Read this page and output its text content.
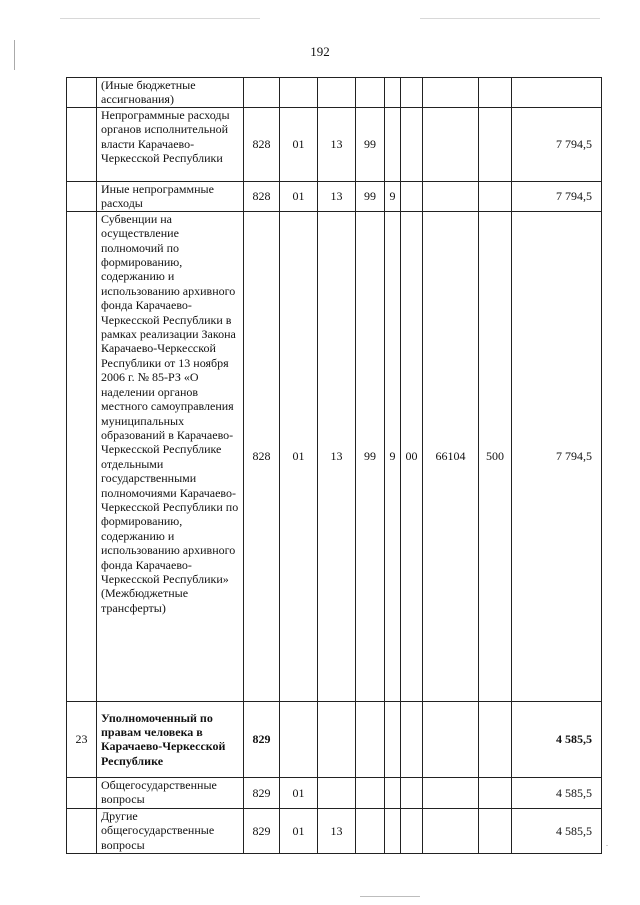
192
	(Иные бюджетные ассигнования)									
	Непрограммные расходы органов исполнительной власти Карачаево-Черкесской Республики	828	01	13	99					7 794,5
	Иные непрограммные расходы	828	01	13	99	9				7 794,5
	Субвенции на осуществление полномочий по формированию, содержанию и использованию архивного фонда Карачаево-Черкесской Республики в рамках реализации Закона Карачаево-Черкесской Республики от 13 ноября 2006 г. № 85-РЗ «О наделении органов местного самоуправления муниципальных образований в Карачаево-Черкесской Республике отдельными государственными полномочиями Карачаево-Черкесской Республики по формированию, содержанию и использованию архивного фонда Карачаево-Черкесской Республики» (Межбюджетные трансферты)	828	01	13	99	9	00	66104	500	7 794,5
23	Уполномоченный по правам человека в Карачаево-Черкесской Республике	829								4 585,5
	Общегосударственные вопросы	829	01							4 585,5
	Другие общегосударственные вопросы	829	01	13						4 585,5
